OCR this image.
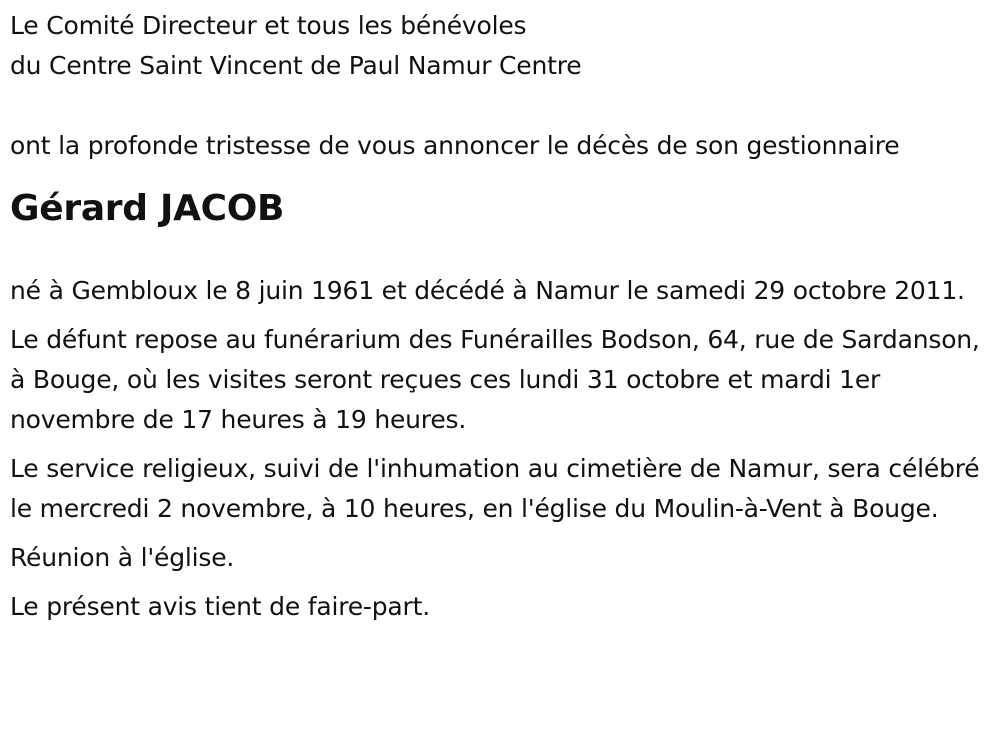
Le Comité Directeur et tous les bénévoles

du Centre Saint Vincent de Paul Namur Centre

ont la profonde tristesse de vous annoncer le décès de son gestionnaire

Gérard JACOB

né à Gembloux le 8 juin 1961 et décédé à Namur le samedi 29 octobre 2011.

Le défunt repose au funérarium des Funérailles Bodson, 64, rue de Sardanson, à Bouge, où les visites seront reçues ces lundi 31 octobre et mardi 1er novembre de 17 heures à 19 heures.

Le service religieux, suivi de l'inhumation au cimetière de Namur, sera célébré le mercredi 2 novembre, à 10 heures, en l'église du Moulin-à-Vent à Bouge.

Réunion à l'église.

Le présent avis tient de faire-part.
